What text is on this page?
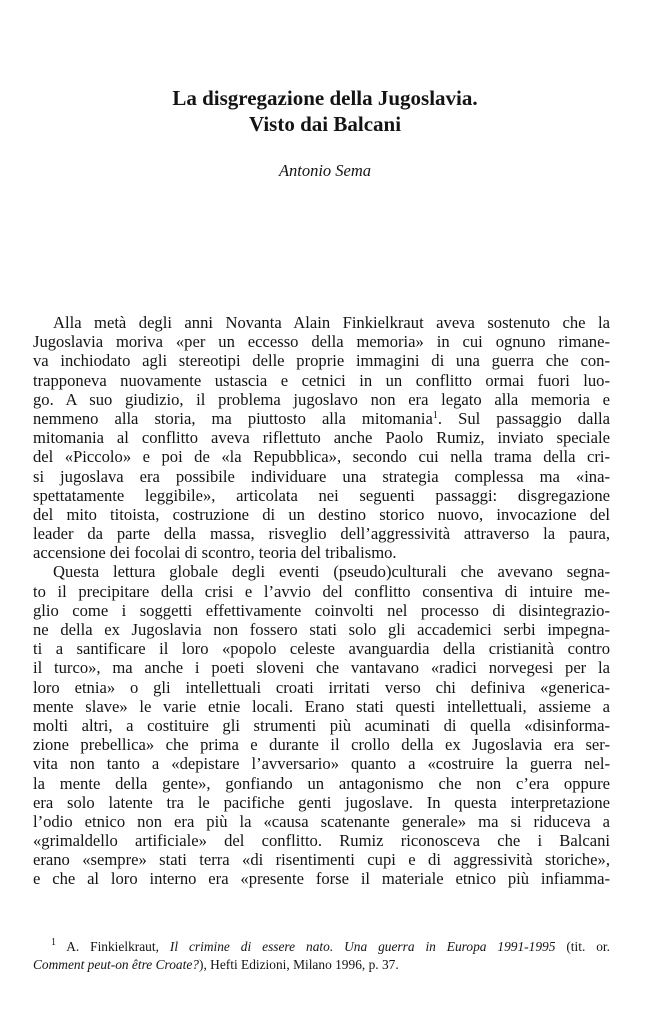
La disgregazione della Jugoslavia.
Visto dai Balcani
Antonio Sema
Alla metà degli anni Novanta Alain Finkielkraut aveva sostenuto che la
Jugoslavia moriva «per un eccesso della memoria» in cui ognuno rimane-
va inchiodato agli stereotipi delle proprie immagini di una guerra che con-
trapponeva nuovamente ustascia e cetnici in un conflitto ormai fuori luo-
go. A suo giudizio, il problema jugoslavo non era legato alla memoria e
nemmeno alla storia, ma piuttosto alla mitomania$^1$. Sul passaggio dalla
mitomania al conflitto aveva riflettuto anche Paolo Rumiz, inviato speciale
del «Piccolo» e poi de «la Repubblica», secondo cui nella trama della cri-
si jugoslava era possibile individuare una strategia complessa ma «ina-
spettatamente leggibile», articolata nei seguenti passaggi: disgregazione
del mito titoista, costruzione di un destino storico nuovo, invocazione del
leader da parte della massa, risveglio dell’aggressività attraverso la paura,
accensione dei focolai di scontro, teoria del tribalismo.
Questa lettura globale degli eventi (pseudo)culturali che avevano segna-
to il precipitare della crisi e l’avvio del conflitto consentiva di intuire me-
glio come i soggetti effettivamente coinvolti nel processo di disintegrazio-
ne della ex Jugoslavia non fossero stati solo gli accademici serbi impegna-
ti a santificare il loro «popolo celeste avanguardia della cristianità contro
il turco», ma anche i poeti sloveni che vantavano «radici norvegesi per la
loro etnia» o gli intellettuali croati irritati verso chi definiva «generica-
mente slave» le varie etnie locali. Erano stati questi intellettuali, assieme a
molti altri, a costituire gli strumenti più acuminati di quella «disinforma-
zione prebellica» che prima e durante il crollo della ex Jugoslavia era ser-
vita non tanto a «depistare l’avversario» quanto a «costruire la guerra nel-
la mente della gente», gonfiando un antagonismo che non c’era oppure
era solo latente tra le pacifiche genti jugoslave. In questa interpretazione
l’odio etnico non era più la «causa scatenante generale» ma si riduceva a
«grimaldello artificiale» del conflitto. Rumiz riconosceva che i Balcani
erano «sempre» stati terra «di risentimenti cupi e di aggressività storiche»,
e che al loro interno era «presente forse il materiale etnico più infiamma-
$^1$ A. Finkielkraut, Il crimine di essere nato. Una guerra in Europa 1991-1995 (tit. or.
Comment peut-on être Croate?), Hefti Edizioni, Milano 1996, p. 37.
